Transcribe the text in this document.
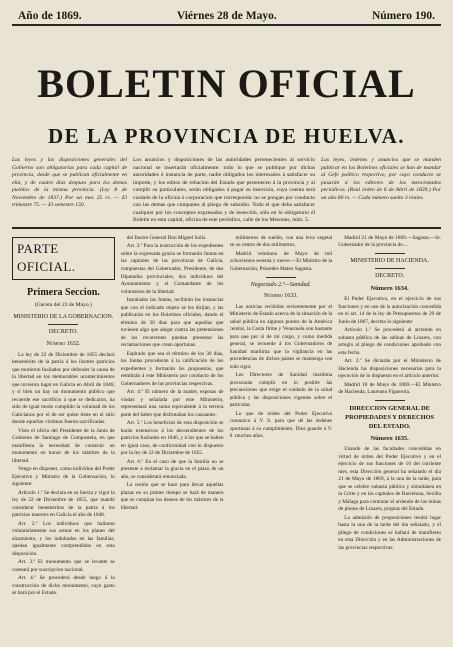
Año de 1869.	Viérnes 28 de Mayo.	Número 190.
BOLETIN OFICIAL
DE LA PROVINCIA DE HUELVA.
Las leyes y las disposiciones generales del Gobierno son obligatorias para cada capital de provincia, desde que se publican oficialmente en ella, y de cuatro dias despues para los demas pueblos de la misma provincia. (Ley 8 de Noviembre de 1837.) Por un mes 25 rs. — El trimestre 75. — El semestre 150.
Los anuncios y disposiciones de las autoridades pertenecientes al servicio nacional se insertarán oficialmente: todo lo que se publique por dichas autoridades ó instancia de parte, nadie obligados los interesados á satisfacer su importe, y los editos de rebacion del Estado que pertenecen á la provincia y al cumplir su particulares, serán obligados á pagar su inserción, cuya cuenta será cuidado de la oficina ó corporacion que corresponda: no se pongan por conducto con las demas que cumpanes al pliego de subsidio. Todo el que deba satisfacer cualquier por los conceptos expresados y de inserción, sólo en lo obligatorio él Boletín en esta capital, oficina de este periódico, calle de los Mesones, núm. 5.
Las leyes, órdenes y anuncios que se manden publicar en los Boletines oficiales se han de mandar al Gefe político respectivo, por cuyo conducto se pasarán á los editores de los mencionados periódicos. (Real órden de 6 de Abril de 1839.) Por un año 80 rs. — Cada número suelto 3 reales.
PARTE OFICIAL.
Primera Seccion.
(Gaceta del 23 de Mayo.)
MINISTERIO DE LA GOBERNACION.
DECRETO.
Número 1632.

La ley de 22 de Diciembre de 1855 declaró benemérito de la patria á los ilustres patricios que murieron fusilados por defender la causa de la libertad en los memorables acontecimientos que tuvieron lugar en Galicia en Abril de 1846; y si bien un hay un monumento público que recuerde ese sacrificio á que se dedicaron, ha sido de igual modo cumplido la voluntad de los Galicianos por el de ser quien tiene en el sitio donde aquellas victimas fueron sacrificadas.

Visto el oficio del Presidente de la Junta de Gobierno de Santiago de Compostela, en que manifiesta la necesidad de construir un monumento en honor de los mártires de la libertad.

Vengo en disponer, como individuo del Poder Ejecutivo y Ministro de la Gobernación, lo siguiente:

Artículo 1.º Se declara en su fuerza y vigor la ley de 22 de Diciembre de 1855, que mandó considerar beneméritos de la patria á los patricios muertos en Galicia el año de 1846.

Art. 2.º Los individuos que hallaron voluntariamente sus armas en los planes del alzamiento, y los indultados en las familias, quedan igualmente comprendidos en esta disposicion.

Art. 3.º El monumento que se levante se costeará por suscripcion nacional.

Art. 4.º Se procederá desde luego á la construcción de dicho monumento, cuyo gasto se hará por el Estado.

del Ilustre General Don Miguel Solis.

Art. 3.º Para la instrucción de los expedientes sobre la expresada gracia se formarán Juntas en las capitales de las provincias de Galicia, compuestas del Gobernador, Presidente, de dos Diputados provinciales, dos individuos del Ayuntamiento y el Comandante de los voluntarios de la libertad.

Instalados las Juntas, recibirán las instancias que con el indicado objeto se les dirijan, y las publicarán en los Boletines oficiales, dando el término de 30 dias para que aquellas que tuviesen algo que alegar contra las pretensiones de los recurrentes puedan presentar las reclamaciones que crean oportunas.

Espirado que sea el término de los 30 días, las Juntas procederán á la calificación de los expedientes y formarán las propuestas, que remitirán á este Ministerio por conducto de los Gobernadores de las provincias respectivas.

Art. 4.º El número de la madre, esposas de viudas y señalada por este Ministerio, representará una suma equivalente á la tercera parte del haber que disfrutaban los causantes.

Art. 5.º Los beneficios de esta disposición se harán extensivos á los descendientes de los patricios fusilados en 1846, y á los que se hallen en igual caso, de conformidad con lo dispuesto por la ley de 22 de Diciembre de 1855.

Art. 6.º En el caso de que la familia no se presente a reclamar la gracia en el plazo de un año, se considerará renunciada.

La cesión que se hace para llevar aquellas plazas en su primer tiempo se hará de manera que se cumplan los deseos de los mártires de la libertad.

milímetros de sueldo, con una leva vegetal en su centro de dos milímetros.

Madrid veintiuno de Mayo de mil ochocientos sesenta y nueve.—El Ministro de la Gobernación, Práxedes Mateo Sagasta.

Negociado 2.º—Sanidad.
Número 1633.

Las noticias recibidas recientemente por el Ministerio de Estado acerca de la situación de la salud pública en algunos puntos de la América central, la Costa firme y Venezuela son bastante para que por sí de mí cargo, y como medida general, se recuerde á los Gobernadores de Sanidad marítima que la vigilancia en las procedencias de dichos paises se mantenga con todo rigor.

Los Directores de Sanidad marítima procurarán cumplir en lo posible las precauciones que exige el cuidado de la salud pública y las disposiciones vigentes sobre el particular.

Lo que de órden del Poder Ejecutivo comunico á V. S. para que dé las órdenes oportunas á su cumplimiento. Dios guarde á V. S. muchos años.

Madrid 21 de Mayo de 1869.—Sagasta.—Sr. Gobernador de la provincia de....

MINISTERIO DE HACIENDA.
DECRETO.
Número 1634.

El Poder Ejecutivo, en el ejercicio de sus funciones y en uso de la autorización concedida en el art. 14 de la ley de Presupuestos de 29 de Junio de 1867, decreta lo siguiente:

Artículo 1.º Se procederá al arriendo en subasta pública de las salinas de Linares, con arreglo al pliego de condiciones aprobado con esta fecha.

Art. 2.º Se dictarán por el Ministerio de Hacienda las disposiciones necesarias para la ejecución de lo dispuesto en el artículo anterior.

Madrid 10 de Mayo de 1869.—El Ministro de Hacienda, Laureano Figuerola.

DIRECCION GENERAL DE PROPIEDADES Y DERECHOS DEL ESTADO.
Número 1635.

Usando de las facultades concedidas en virtud de órden del Poder Ejecutivo y en el ejercicio de sus funciones de 10 del corriente mes, esta Dirección general ha señalado el día 21 de Mayo de 1869, á la una de la tarde, para que se celebre subasta pública y simultánea en la Córte y en las capitales de Barcelona, Sevilla y Málaga para contratar el arriendo de las minas de plomo de Linares, propias del Estado.

La admisión de proposiciones tendrá lugar hasta la una de la tarde del dia señalado, y el pliego de condiciones se hallará de manifiesto en esta Dirección y en las Administraciones de las provincias respectivas.
